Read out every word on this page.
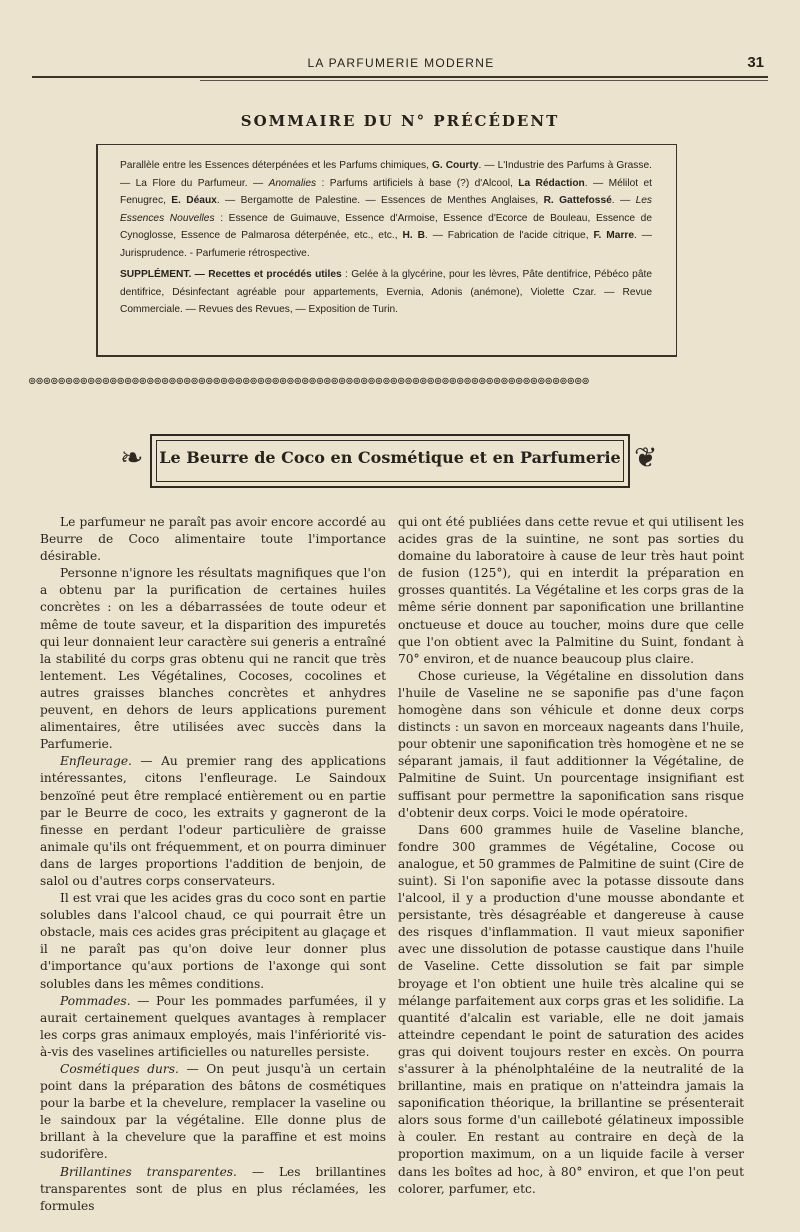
LA PARFUMERIE MODERNE	31
SOMMAIRE DU N° PRÉCÉDENT

Parallèle entre les Essences déterpénées et les Parfums chimiques, G. Courty. — L'Industrie des Parfums à Grasse. — La Flore du Parfumeur. — Anomalies : Parfums artificiels à base (?) d'Alcool, La Rédaction. — Mélilot et Fenugrec, E. Déaux. — Bergamotte de Palestine. — Essences de Menthes Anglaises, R. Gattefossé. — Les Essences Nouvelles : Essence de Guimauve, Essence d'Armoise, Essence d'Ecorce de Bouleau, Essence de Cynoglosse, Essence de Palmarosa déterpénée, etc., etc., H. B. — Fabrication de l'acide citrique, F. Marre. — Jurisprudence. - Parfumerie rétrospective.

SUPPLÉMENT. — Recettes et procédés utiles : Gelée à la glycérine, pour les lèvres, Pâte dentifrice, Pébéco pâte dentifrice, Désinfectant agréable pour appartements, Evernia, Adonis (anémone), Violette Czar. — Revue Commerciale. — Revues des Revues, — Exposition de Turin.

⊚⊚⊚⊚⊚⊚⊚⊚⊚⊚⊚⊚⊚⊚⊚⊚⊚⊚⊚⊚⊚⊚⊚⊚⊚⊚⊚⊚⊚⊚⊚⊚⊚⊚⊚⊚⊚⊚⊚⊚⊚⊚⊚⊚⊚⊚⊚⊚⊚⊚⊚⊚⊚⊚⊚⊚⊚⊚⊚⊚⊚⊚⊚⊚⊚⊚⊚⊚⊚⊚⊚⊚⊚⊚⊚⊚
❧ Le Beurre de Coco en Cosmétique et en Parfumerie ❦

Le parfumeur ne paraît pas avoir encore accordé au Beurre de Coco alimentaire toute l'importance désirable.

Personne n'ignore les résultats magnifiques que l'on a obtenu par la purification de certaines huiles concrètes : on les a débarrassées de toute odeur et même de toute saveur, et la disparition des impuretés qui leur donnaient leur caractère sui generis a entraîné la stabilité du corps gras obtenu qui ne rancit que très lentement. Les Végétalines, Cocoses, cocolines et autres graisses blanches concrètes et anhydres peuvent, en dehors de leurs applications purement alimentaires, être utilisées avec succès dans la Parfumerie.

Enfleurage. — Au premier rang des applications intéressantes, citons l'enfleurage. Le Saindoux benzoïné peut être remplacé entièrement ou en partie par le Beurre de coco, les extraits y gagneront de la finesse en perdant l'odeur particulière de graisse animale qu'ils ont fréquemment, et on pourra diminuer dans de larges proportions l'addition de benjoin, de salol ou d'autres corps conservateurs.

Il est vrai que les acides gras du coco sont en partie solubles dans l'alcool chaud, ce qui pourrait être un obstacle, mais ces acides gras précipitent au glaçage et il ne paraît pas qu'on doive leur donner plus d'importance qu'aux portions de l'axonge qui sont solubles dans les mêmes conditions.

Pommades. — Pour les pommades parfumées, il y aurait certainement quelques avantages à remplacer les corps gras animaux employés, mais l'infériorité vis-à-vis des vaselines artificielles ou naturelles persiste.

Cosmétiques durs. — On peut jusqu'à un certain point dans la préparation des bâtons de cosmétiques pour la barbe et la chevelure, remplacer la vaseline ou le saindoux par la végétaline. Elle donne plus de brillant à la chevelure que la paraffine et est moins sudorifère.

Brillantines transparentes. — Les brillantines transparentes sont de plus en plus réclamées, les formules

qui ont été publiées dans cette revue et qui utilisent les acides gras de la suintine, ne sont pas sorties du domaine du laboratoire à cause de leur très haut point de fusion (125°), qui en interdit la préparation en grosses quantités. La Végétaline et les corps gras de la même série donnent par saponification une brillantine onctueuse et douce au toucher, moins dure que celle que l'on obtient avec la Palmitine du Suint, fondant à 70° environ, et de nuance beaucoup plus claire.

Chose curieuse, la Végétaline en dissolution dans l'huile de Vaseline ne se saponifie pas d'une façon homogène dans son véhicule et donne deux corps distincts : un savon en morceaux nageants dans l'huile, pour obtenir une saponification très homogène et ne se séparant jamais, il faut additionner la Végétaline, de Palmitine de Suint. Un pourcentage insignifiant est suffisant pour permettre la saponification sans risque d'obtenir deux corps. Voici le mode opératoire.

Dans 600 grammes huile de Vaseline blanche, fondre 300 grammes de Végétaline, Cocose ou analogue, et 50 grammes de Palmitine de suint (Cire de suint). Si l'on saponifie avec la potasse dissoute dans l'alcool, il y a production d'une mousse abondante et persistante, très désagréable et dangereuse à cause des risques d'inflammation. Il vaut mieux saponifier avec une dissolution de potasse caustique dans l'huile de Vaseline. Cette dissolution se fait par simple broyage et l'on obtient une huile très alcaline qui se mélange parfaitement aux corps gras et les solidifie. La quantité d'alcalin est variable, elle ne doit jamais atteindre cependant le point de saturation des acides gras qui doivent toujours rester en excès. On pourra s'assurer à la phénolphtaléine de la neutralité de la brillantine, mais en pratique on n'atteindra jamais la saponification théorique, la brillantine se présenterait alors sous forme d'un cailleboté gélatineux impossible à couler. En restant au contraire en deçà de la proportion maximum, on a un liquide facile à verser dans les boîtes ad hoc, à 80° environ, et que l'on peut colorer, parfumer, etc.
